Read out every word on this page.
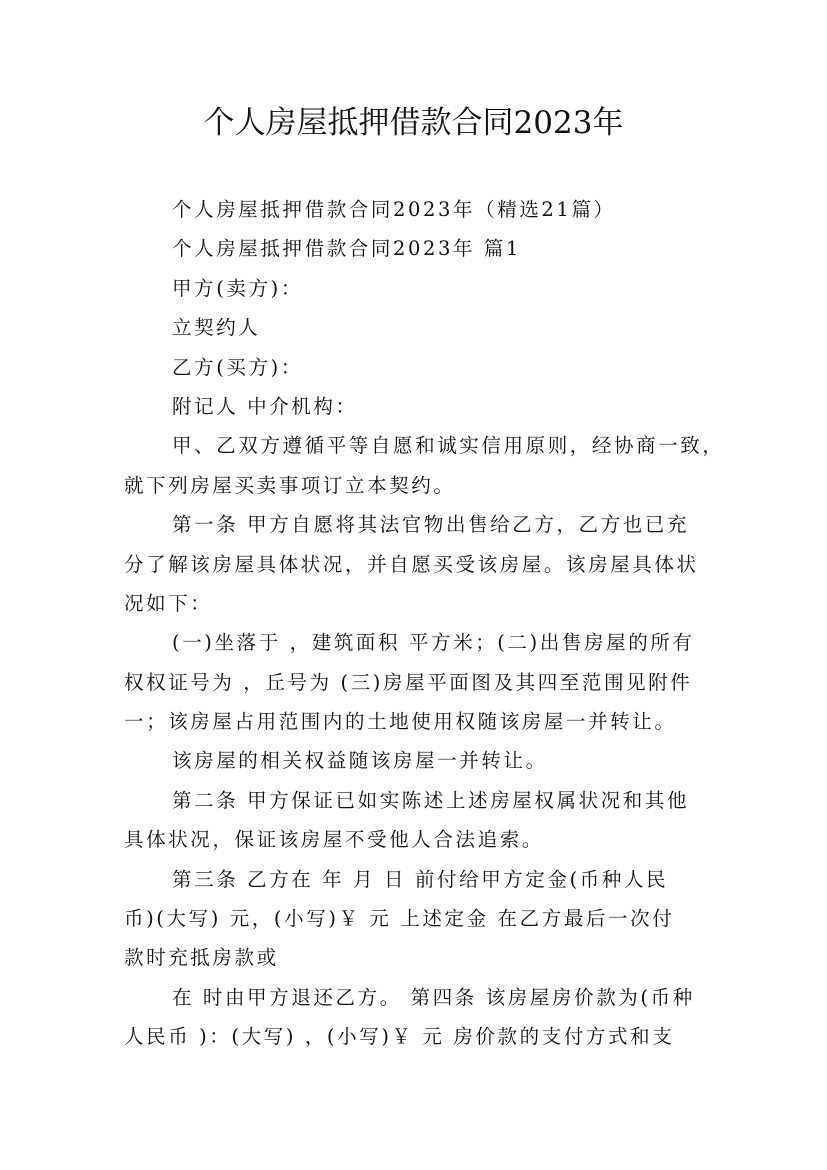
个人房屋抵押借款合同2023年
个人房屋抵押借款合同2023年（精选21篇）
个人房屋抵押借款合同2023年 篇1
甲方(卖方)：
立契约人
乙方(买方)：
附记人 中介机构：
甲、乙双方遵循平等自愿和诚实信用原则，经协商一致，
就下列房屋买卖事项订立本契约。
第一条 甲方自愿将其法官物出售给乙方，乙方也已充
分了解该房屋具体状况，并自愿买受该房屋。该房屋具体状
况如下：
(一)坐落于 ，建筑面积 平方米；(二)出售房屋的所有
权权证号为 ，丘号为 (三)房屋平面图及其四至范围见附件
一；该房屋占用范围内的土地使用权随该房屋一并转让。
该房屋的相关权益随该房屋一并转让。
第二条 甲方保证已如实陈述上述房屋权属状况和其他
具体状况，保证该房屋不受他人合法追索。
第三条 乙方在 年 月 日 前付给甲方定金(币种人民
币)(大写) 元，(小写)￥ 元 上述定金 在乙方最后一次付
款时充抵房款或
在 时由甲方退还乙方。 第四条 该房屋房价款为(币种
人民币 )：(大写) ，(小写)￥ 元 房价款的支付方式和支
